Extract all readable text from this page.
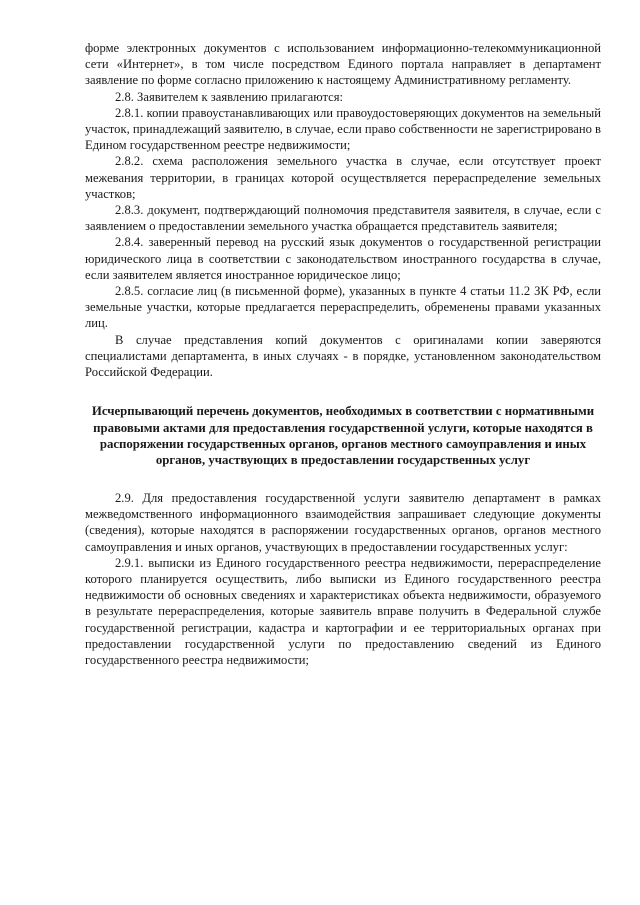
форме электронных документов с использованием информационно-телекоммуникационной сети «Интернет», в том числе посредством Единого портала направляет в департамент заявление по форме согласно приложению к настоящему Административному регламенту.

2.8. Заявителем к заявлению прилагаются:

2.8.1. копии правоустанавливающих или правоудостоверяющих документов на земельный участок, принадлежащий заявителю, в случае, если право собственности не зарегистрировано в Едином государственном реестре недвижимости;

2.8.2. схема расположения земельного участка в случае, если отсутствует проект межевания территории, в границах которой осуществляется перераспределение земельных участков;

2.8.3. документ, подтверждающий полномочия представителя заявителя, в случае, если с заявлением о предоставлении земельного участка обращается представитель заявителя;

2.8.4. заверенный перевод на русский язык документов о государственной регистрации юридического лица в соответствии с законодательством иностранного государства в случае, если заявителем является иностранное юридическое лицо;

2.8.5. согласие лиц (в письменной форме), указанных в пункте 4 статьи 11.2 ЗК РФ, если земельные участки, которые предлагается перераспределить, обременены правами указанных лиц.

В случае представления копий документов с оригиналами копии заверяются специалистами департамента, в иных случаях - в порядке, установленном законодательством Российской Федерации.

Исчерпывающий перечень документов, необходимых в соответствии с нормативными правовыми актами для предоставления государственной услуги, которые находятся в распоряжении государственных органов, органов местного самоуправления и иных органов, участвующих в предоставлении государственных услуг

2.9. Для предоставления государственной услуги заявителю департамент в рамках межведомственного информационного взаимодействия запрашивает следующие документы (сведения), которые находятся в распоряжении государственных органов, органов местного самоуправления и иных органов, участвующих в предоставлении государственных услуг:

2.9.1. выписки из Единого государственного реестра недвижимости, перераспределение которого планируется осуществить, либо выписки из Единого государственного реестра недвижимости об основных сведениях и характеристиках объекта недвижимости, образуемого в результате перераспределения, которые заявитель вправе получить в Федеральной службе государственной регистрации, кадастра и картографии и ее территориальных органах при предоставлении государственной услуги по предоставлению сведений из Единого государственного реестра недвижимости;
